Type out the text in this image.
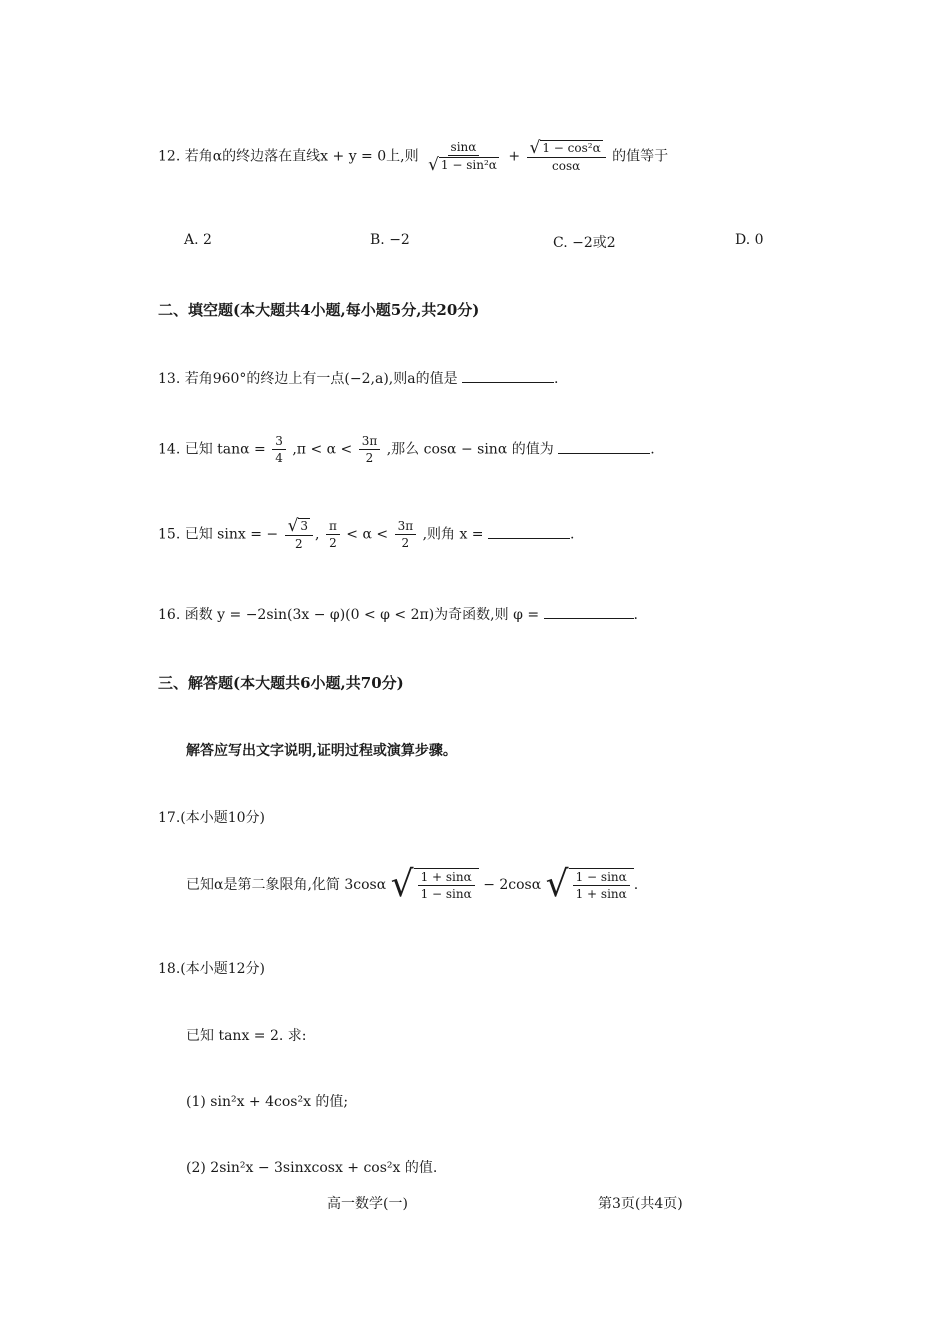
12. 若角α的终边落在直线x + y = 0上,则 $\frac{\sin\alpha}{\text{√ 1 − sin²α}} + \frac{\text{√ 1 − cos²α}}{\cos\alpha}$ 的值等于
A. 2	B. −2	C. −2或2	D. 0
二、填空题(本大题共4小题,每小题5分,共20分)
13. 若角960°的终边上有一点(−2,a),则a的值是	.
14. 已知 $\tan\alpha = \frac{3}{4} ,\pi < \alpha < \frac{3\pi}{2}$ ,那么 cosα − sinα 的值为	.
15. 已知 sinx = − $\frac{√ 3}{2}$ , $\frac{\pi}{2} < \alpha < \frac{3\pi}{2}$ ,则角 x =	.
16. 函数 y = −2sin(3x − φ)(0 < φ < 2π)为奇函数,则 φ =	.
三、解答题(本大题共6小题,共70分)
解答应写出文字说明,证明过程或演算步骤。
17.(本小题10分)
已知α是第二象限角,化简 3cosα √ $\frac{1 + \sin\alpha}{1 - \sin\alpha} - 2\cos\alpha$ √ $\frac{1 - \sin\alpha}{1 + \sin\alpha}$ .
18.(本小题12分)
已知 tanx = 2. 求:
(1) sin²x + 4cos²x 的值;
(2) 2sin²x − 3sinxcosx + cos²x 的值.
高一数学(一)	第3页(共4页)
